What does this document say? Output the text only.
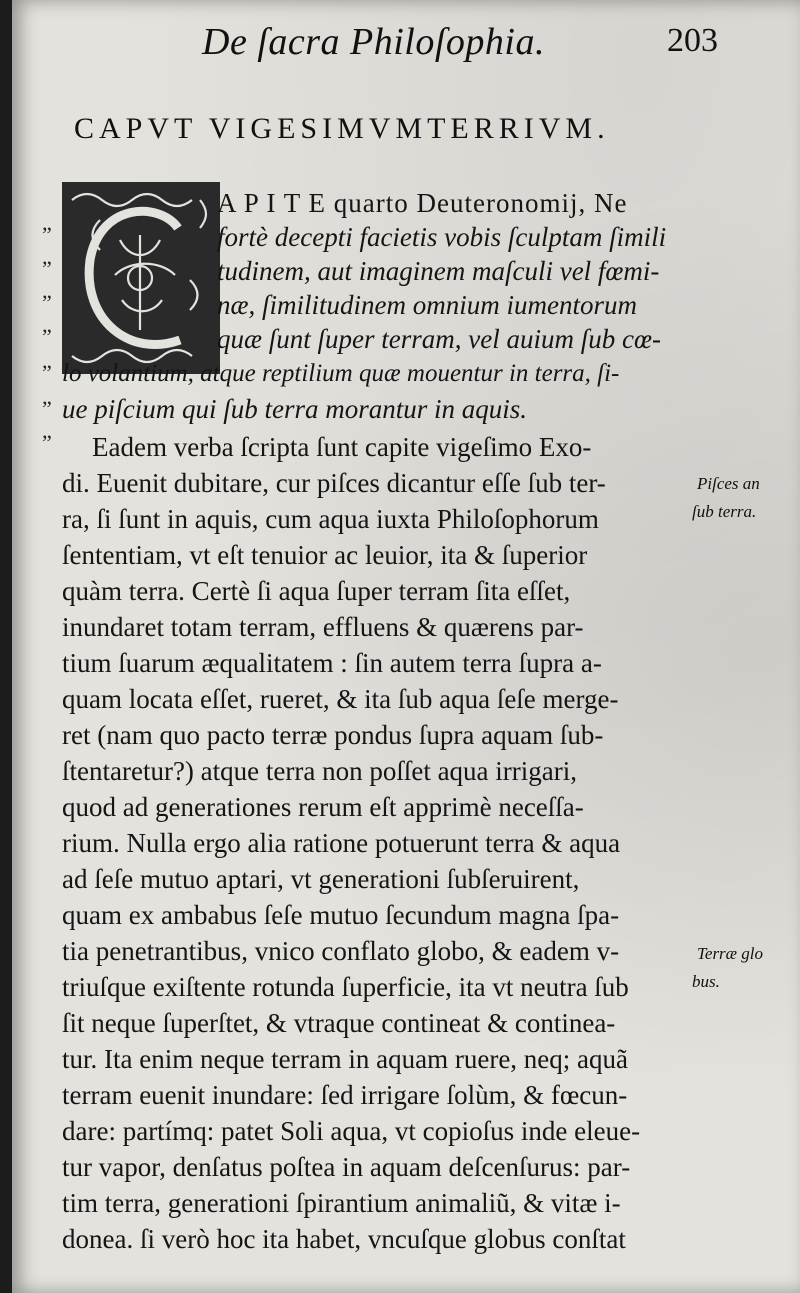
De ſacra Philoſophia.	203
CAPVT VIGESIMVMTERRIVM.
”
”
”
”
”
”
”
A P I T E quarto Deuteronomij, Ne
fortè decepti facietis vobis ſculptam ſimili
tudinem, aut imaginem maſculi vel fœmi-
næ, ſimilitudinem omnium iumentorum
quæ ſunt ſuper terram, vel auium ſub cœ-
lo volantium, atque reptilium quæ mouentur in terra, ſi-
ue piſcium qui ſub terra morantur in aquis.
Eadem verba ſcripta ſunt capite vigeſimo Exo-
di. Euenit dubitare, cur piſces dicantur eſſe ſub ter-
ra, ſi ſunt in aquis, cum aqua iuxta Philoſophorum
ſententiam, vt eſt tenuior ac leuior, ita & ſuperior
quàm terra. Certè ſi aqua ſuper terram ſita eſſet,
inundaret totam terram, effluens & quærens par-
tium ſuarum æqualitatem : ſin autem terra ſupra a-
quam locata eſſet, rueret, & ita ſub aqua ſeſe merge-
ret (nam quo pacto terræ pondus ſupra aquam ſub-
ſtentaretur?) atque terra non poſſet aqua irrigari,
quod ad generationes rerum eſt apprimè neceſſa-
rium. Nulla ergo alia ratione potuerunt terra & aqua
ad ſeſe mutuo aptari, vt generationi ſubſeruirent,
quam ex ambabus ſeſe mutuo ſecundum magna ſpa-
tia penetrantibus, vnico conflato globo, & eadem v-
triuſque exiſtente rotunda ſuperficie, ita vt neutra ſub
ſit neque ſuperſtet, & vtraque contineat & continea-
tur. Ita enim neque terram in aquam ruere, neq; aquã
terram euenit inundare: ſed irrigare ſolùm, & fœcun-
dare: partímq: patet Soli aqua, vt copioſus inde eleue-
tur vapor, denſatus poſtea in aquam deſcenſurus: par-
tim terra, generationi ſpirantium animaliũ, & vitæ i-
donea. ſi verò hoc ita habet, vncuſque globus conſtat
Piſces an
ſub terra.
Terræ glo
bus.
